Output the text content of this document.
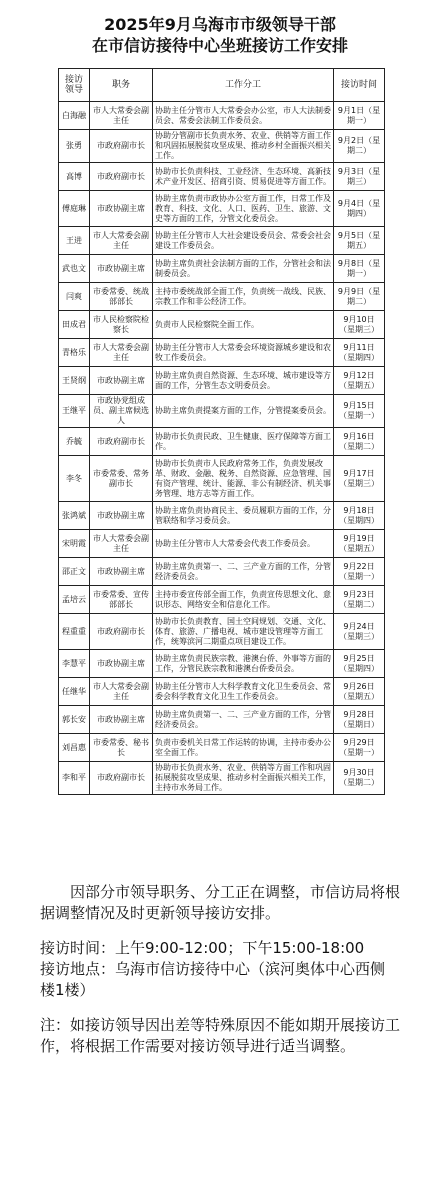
2025年9月乌海市市级领导干部
在市信访接待中心坐班接访工作安排
接访领导	职务	工作分工	接访时间
白海融	市人大常委会副主任	协助主任分管市人大常委会办公室，市人大法制委员会、常委会法制工作委员会。	9月1日（星期一）
张勇	市政府副市长	协助分管副市长负责水务、农业、供销等方面工作和巩固拓展脱贫攻坚成果、推动乡村全面振兴相关工作。	9月2日（星期二）
高博	市政府副市长	协助市长负责科技、工业经济、生态环境、高新技术产业开发区、招商引资、贸易促进等方面工作。	9月3日（星期三）
傅庭琳	市政协副主席	协助主席负责市政协办公室方面工作，日常工作及教育、科技、文化、人口、医药、卫生、旅游、文史等方面的工作，分管文化委员会。	9月4日（星期四）
王进	市人大常委会副主任	协助主任分管市人大社会建设委员会、常委会社会建设工作委员会。	9月5日（星期五）
武也文	市政协副主席	协助主席负责社会法制方面的工作，分管社会和法制委员会。	9月8日（星期一）
闫爽	市委常委、统战部部长	主持市委统战部全面工作，负责统一战线、民族、宗教工作和非公经济工作。	9月9日（星期二）
田成君	市人民检察院检察长	负责市人民检察院全面工作。	9月10日（星期三）
青格乐	市人大常委会副主任	协助主任分管市人大常委会环境资源城乡建设和农牧工作委员会。	9月11日（星期四）
王贤纲	市政协副主席	协助主席负责自然资源、生态环境、城市建设等方面的工作，分管生态文明委员会。	9月12日（星期五）
王继平	市政协党组成员、副主席候选人	协助主席负责提案方面的工作，分管提案委员会。	9月15日（星期一）
乔毓	市政府副市长	协助市长负责民政、卫生健康、医疗保障等方面工作。	9月16日（星期二）
李冬	市委常委、常务副市长	协助市长负责市人民政府常务工作，负责发展改革、财政、金融、税务、自然资源、应急管理、国有资产管理、统计、能源、非公有制经济、机关事务管理、地方志等方面工作。	9月17日（星期三）
张鸿斌	市政协副主席	协助主席负责协商民主、委员履职方面的工作，分管联络和学习委员会。	9月18日（星期四）
宋明霞	市人大常委会副主任	协助主任分管市人大常委会代表工作委员会。	9月19日（星期五）
邵正文	市政协副主席	协助主席负责第一、二、三产业方面的工作，分管经济委员会。	9月22日（星期一）
孟培云	市委常委、宣传部部长	主持市委宣传部全面工作，负责宣传思想文化、意识形态、网络安全和信息化工作。	9月23日（星期二）
程重重	市政府副市长	协助市长负责教育、国土空间规划、交通、文化、体育、旅游、广播电视、城市建设管理等方面工作，统筹滨河二期重点项目建设工作。	9月24日（星期三）
李慧平	市政协副主席	协助主席负责民族宗教、港澳台侨、外事等方面的工作，分管民族宗教和港澳台侨委员会。	9月25日（星期四）
任继华	市人大常委会副主任	协助主任分管市人大科学教育文化卫生委员会、常委会科学教育文化卫生工作委员会。	9月26日（星期五）
郭长安	市政协副主席	协助主席负责第一、二、三产业方面的工作，分管经济委员会。	9月28日（星期日）
刘昌惠	市委常委、秘书长	负责市委机关日常工作运转的协调，主持市委办公室全面工作。	9月29日（星期一）
李和平	市政府副市长	协助市长负责水务、农业、供销等方面工作和巩固拓展脱贫攻坚成果、推动乡村全面振兴相关工作，主持市水务局工作。	9月30日（星期二）

因部分市领导职务、分工正在调整，市信访局将根据调整情况及时更新领导接访安排。

接访时间：上午9:00-12:00；下午15:00-18:00

接访地点：乌海市信访接待中心（滨河奥体中心西侧楼1楼）

注：如接访领导因出差等特殊原因不能如期开展接访工作，将根据工作需要对接访领导进行适当调整。
